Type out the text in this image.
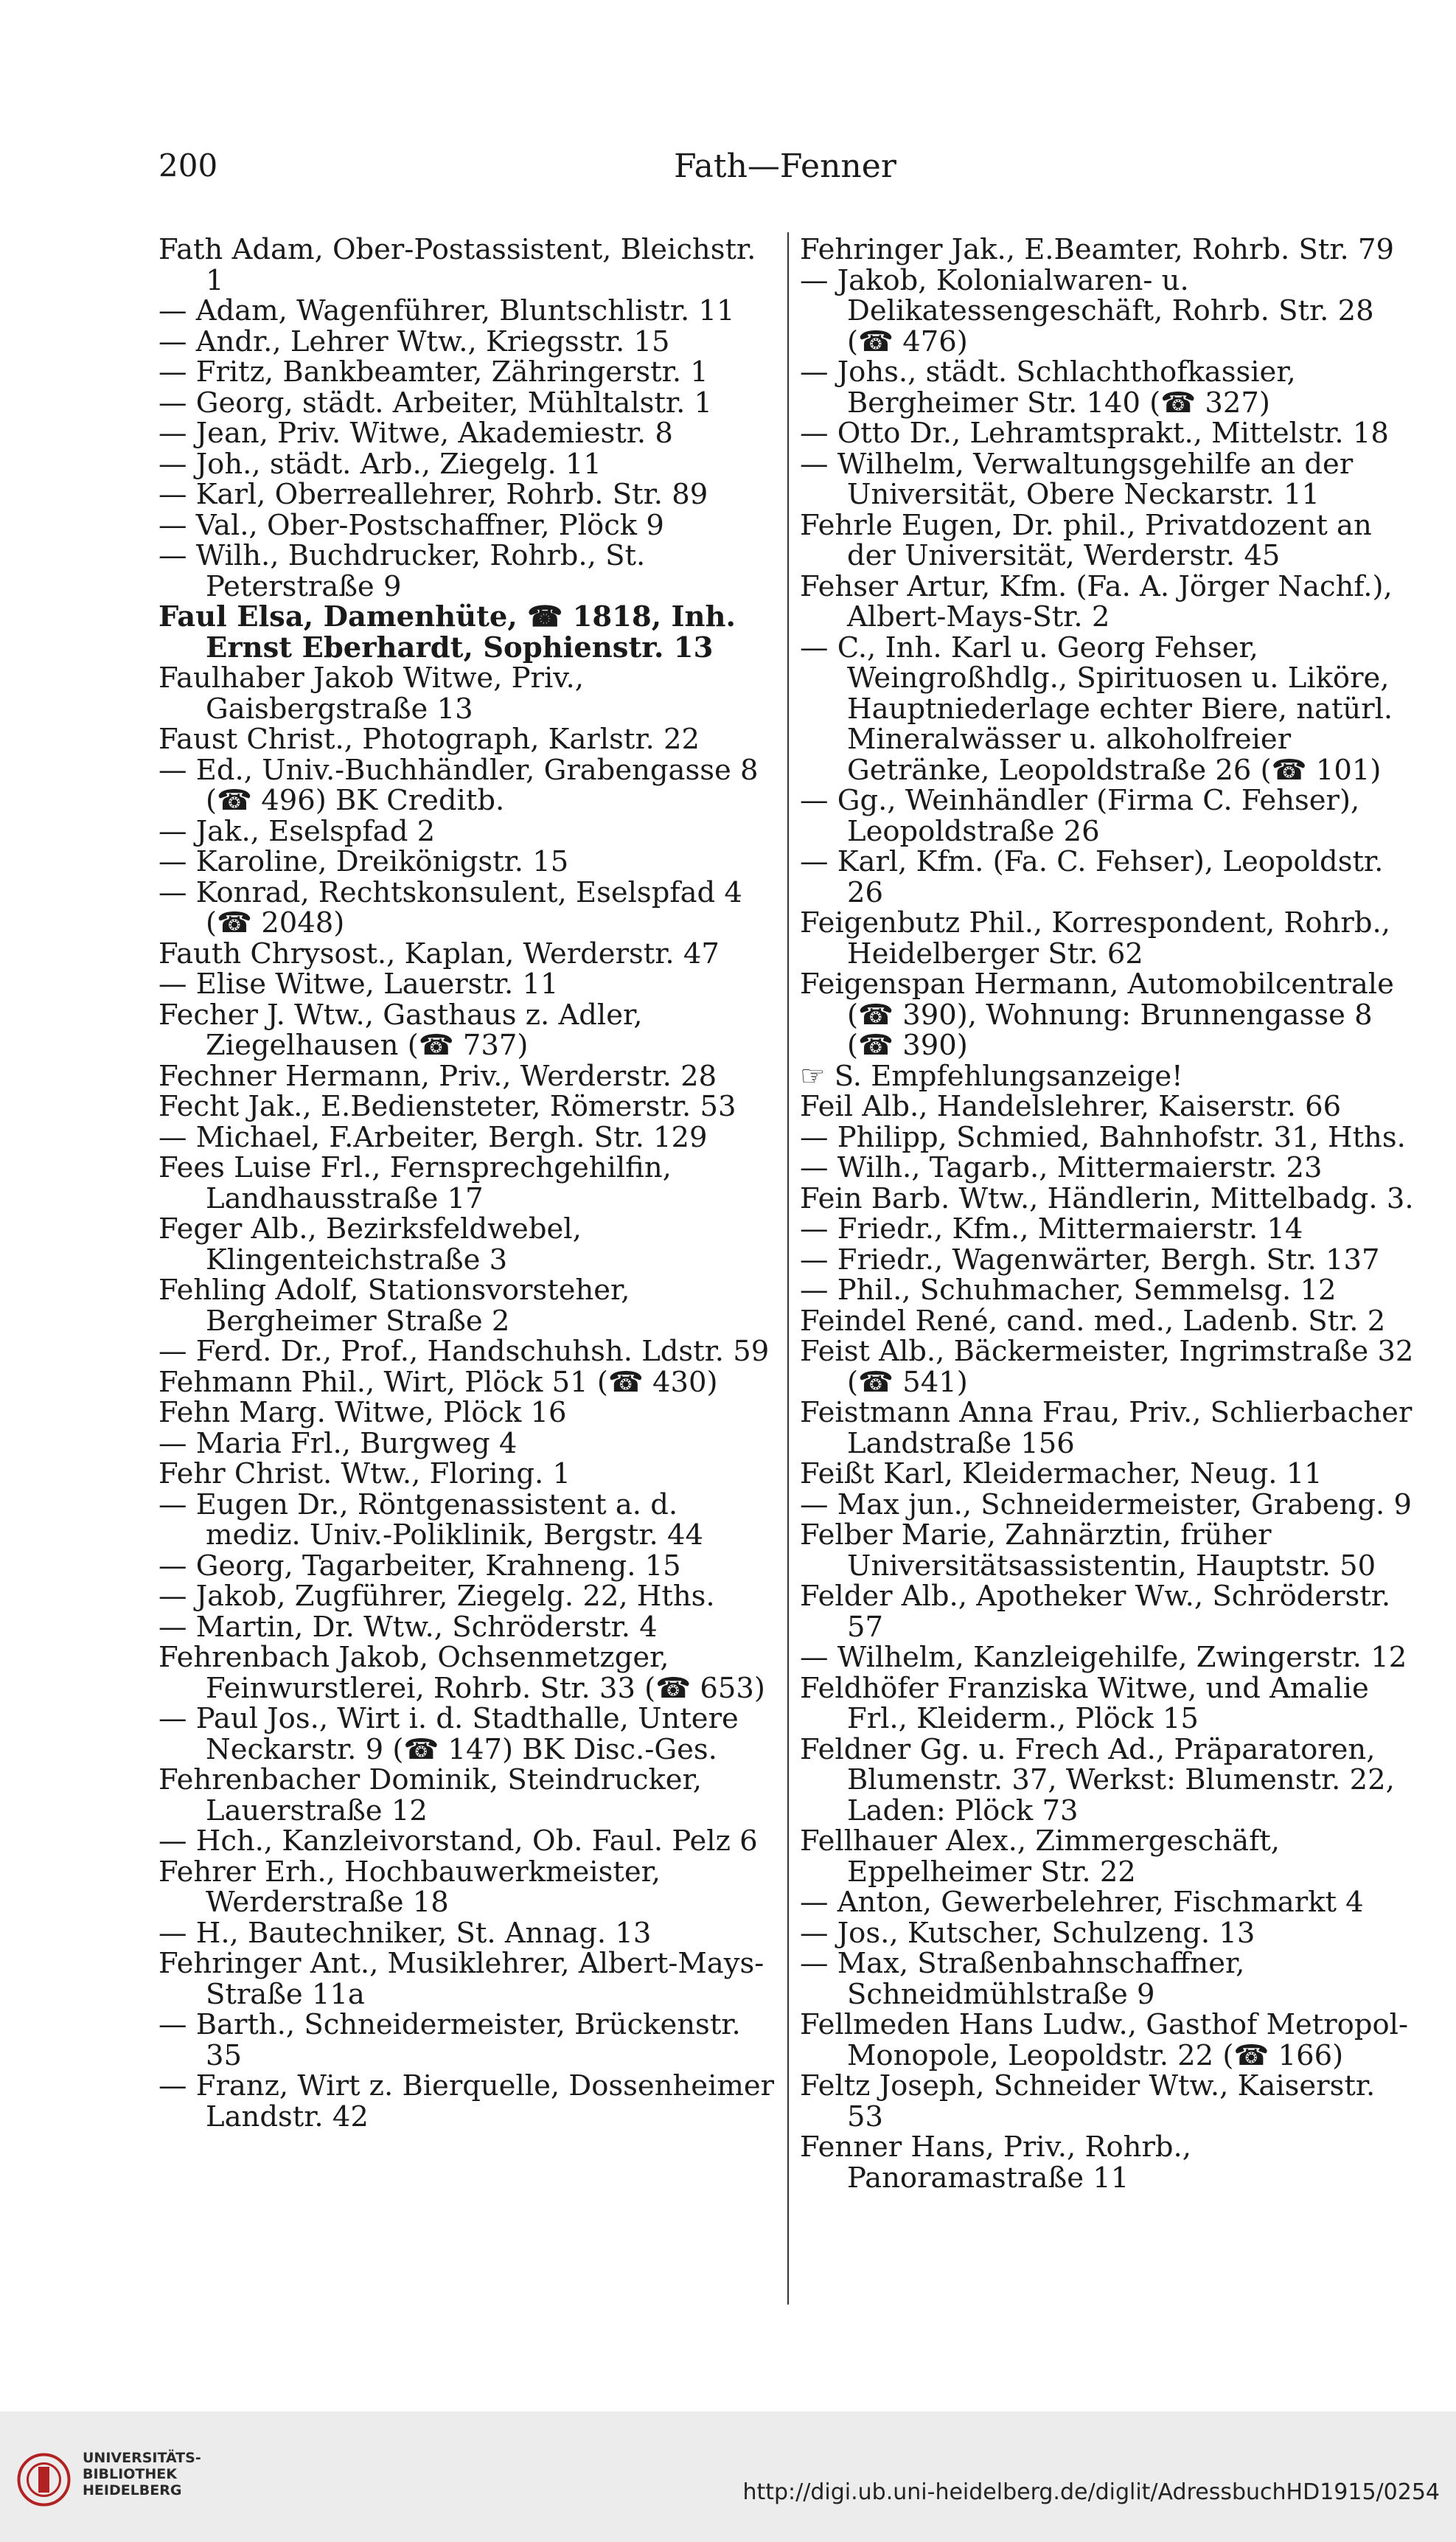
200	Fath—Fenner
Fath Adam, Ober-Postassistent, Bleichstr. 1
— Adam, Wagenführer, Bluntschlistr. 11
— Andr., Lehrer Wtw., Kriegsstr. 15
— Fritz, Bankbeamter, Zähringerstr. 1
— Georg, städt. Arbeiter, Mühltalstr. 1
— Jean, Priv. Witwe, Akademiestr. 8
— Joh., städt. Arb., Ziegelg. 11
— Karl, Oberreallehrer, Rohrb. Str. 89
— Val., Ober-Postschaffner, Plöck 9
— Wilh., Buchdrucker, Rohrb., St. Peterstraße 9
Faul Elsa, Damenhüte, ☎ 1818, Inh. Ernst Eberhardt, Sophienstr. 13
Faulhaber Jakob Witwe, Priv., Gaisbergstraße 13
Faust Christ., Photograph, Karlstr. 22
— Ed., Univ.-Buchhändler, Grabengasse 8 (☎ 496) BK Creditb.
— Jak., Eselspfad 2
— Karoline, Dreikönigstr. 15
— Konrad, Rechtskonsulent, Eselspfad 4 (☎ 2048)
Fauth Chrysost., Kaplan, Werderstr. 47
— Elise Witwe, Lauerstr. 11
Fecher J. Wtw., Gasthaus z. Adler, Ziegelhausen (☎ 737)
Fechner Hermann, Priv., Werderstr. 28
Fecht Jak., E.Bediensteter, Römerstr. 53
— Michael, F.Arbeiter, Bergh. Str. 129
Fees Luise Frl., Fernsprechgehilfin, Landhausstraße 17
Feger Alb., Bezirksfeldwebel, Klingenteichstraße 3
Fehling Adolf, Stationsvorsteher, Bergheimer Straße 2
— Ferd. Dr., Prof., Handschuhsh. Ldstr. 59
Fehmann Phil., Wirt, Plöck 51 (☎ 430)
Fehn Marg. Witwe, Plöck 16
— Maria Frl., Burgweg 4
Fehr Christ. Wtw., Floring. 1
— Eugen Dr., Röntgenassistent a. d. mediz. Univ.-Poliklinik, Bergstr. 44
— Georg, Tagarbeiter, Krahneng. 15
— Jakob, Zugführer, Ziegelg. 22, Hths.
— Martin, Dr. Wtw., Schröderstr. 4
Fehrenbach Jakob, Ochsenmetzger, Feinwurstlerei, Rohrb. Str. 33 (☎ 653)
— Paul Jos., Wirt i. d. Stadthalle, Untere Neckarstr. 9 (☎ 147) BK Disc.-Ges.
Fehrenbacher Dominik, Steindrucker, Lauerstraße 12
— Hch., Kanzleivorstand, Ob. Faul. Pelz 6
Fehrer Erh., Hochbauwerkmeister, Werderstraße 18
— H., Bautechniker, St. Annag. 13
Fehringer Ant., Musiklehrer, Albert-Mays-Straße 11a
— Barth., Schneidermeister, Brückenstr. 35
— Franz, Wirt z. Bierquelle, Dossenheimer Landstr. 42
Fehringer Jak., E.Beamter, Rohrb. Str. 79
— Jakob, Kolonialwaren- u. Delikatessengeschäft, Rohrb. Str. 28 (☎ 476)
— Johs., städt. Schlachthofkassier, Bergheimer Str. 140 (☎ 327)
— Otto Dr., Lehramtsprakt., Mittelstr. 18
— Wilhelm, Verwaltungsgehilfe an der Universität, Obere Neckarstr. 11
Fehrle Eugen, Dr. phil., Privatdozent an der Universität, Werderstr. 45
Fehser Artur, Kfm. (Fa. A. Jörger Nachf.), Albert-Mays-Str. 2
— C., Inh. Karl u. Georg Fehser, Weingroßhdlg., Spirituosen u. Liköre, Hauptniederlage echter Biere, natürl. Mineralwässer u. alkoholfreier Getränke, Leopoldstraße 26 (☎ 101)
— Gg., Weinhändler (Firma C. Fehser), Leopoldstraße 26
— Karl, Kfm. (Fa. C. Fehser), Leopoldstr. 26
Feigenbutz Phil., Korrespondent, Rohrb., Heidelberger Str. 62
Feigenspan Hermann, Automobilcentrale (☎ 390), Wohnung: Brunnengasse 8 (☎ 390)
☞ S. Empfehlungsanzeige!
Feil Alb., Handelslehrer, Kaiserstr. 66
— Philipp, Schmied, Bahnhofstr. 31, Hths.
— Wilh., Tagarb., Mittermaierstr. 23
Fein Barb. Wtw., Händlerin, Mittelbadg. 3.
— Friedr., Kfm., Mittermaierstr. 14
— Friedr., Wagenwärter, Bergh. Str. 137
— Phil., Schuhmacher, Semmelsg. 12
Feindel René, cand. med., Ladenb. Str. 2
Feist Alb., Bäckermeister, Ingrimstraße 32 (☎ 541)
Feistmann Anna Frau, Priv., Schlierbacher Landstraße 156
Feißt Karl, Kleidermacher, Neug. 11
— Max jun., Schneidermeister, Grabeng. 9
Felber Marie, Zahnärztin, früher Universitätsassistentin, Hauptstr. 50
Felder Alb., Apotheker Ww., Schröderstr. 57
— Wilhelm, Kanzleigehilfe, Zwingerstr. 12
Feldhöfer Franziska Witwe, und Amalie Frl., Kleiderm., Plöck 15
Feldner Gg. u. Frech Ad., Präparatoren, Blumenstr. 37, Werkst: Blumenstr. 22, Laden: Plöck 73
Fellhauer Alex., Zimmergeschäft, Eppelheimer Str. 22
— Anton, Gewerbelehrer, Fischmarkt 4
— Jos., Kutscher, Schulzeng. 13
— Max, Straßenbahnschaffner, Schneidmühlstraße 9
Fellmeden Hans Ludw., Gasthof Metropol-Monopole, Leopoldstr. 22 (☎ 166)
Feltz Joseph, Schneider Wtw., Kaiserstr. 53
Fenner Hans, Priv., Rohrb., Panoramastraße 11
UNIVERSITÄTS-
BIBLIOTHEK
HEIDELBERG	http://digi.ub.uni-heidelberg.de/diglit/AdressbuchHD1915/0254
